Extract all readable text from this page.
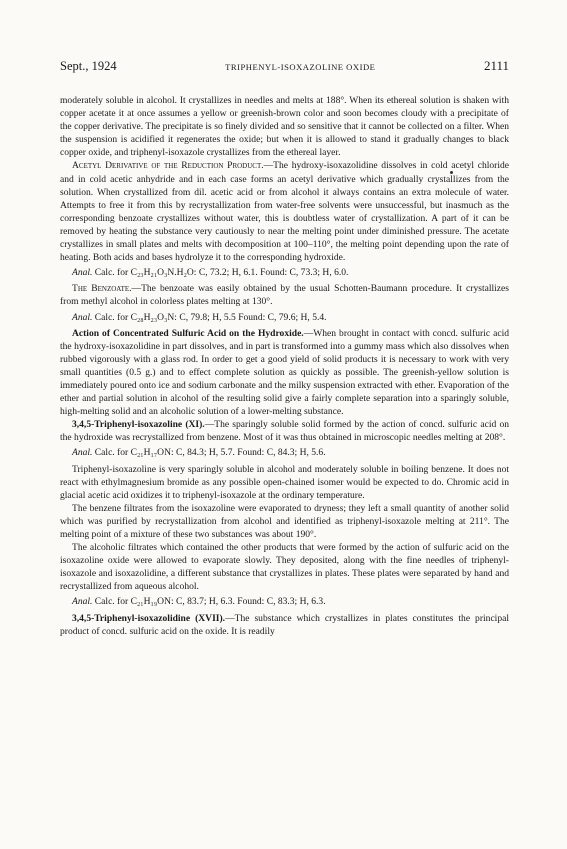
Sept., 1924	TRIPHENYL-ISOXAZOLINE OXIDE	2111

moderately soluble in alcohol. It crystallizes in needles and melts at 188°. When its ethereal solution is shaken with copper acetate it at once assumes a yellow or greenish-brown color and soon becomes cloudy with a precipitate of the copper derivative. The precipitate is so finely divided and so sensitive that it cannot be collected on a filter. When the suspension is acidified it regenerates the oxide; but when it is allowed to stand it gradually changes to black copper oxide, and triphenyl-isoxazole crystallizes from the ethereal layer.

Acetyl Derivative of the Reduction Product.—The hydroxy-isoxazolidine dissolves in cold acetyl chloride and in cold acetic anhydride and in each case forms an acetyl derivative which gradually crystallizes from the solution. When crystallized from dil. acetic acid or from alcohol it always contains an extra molecule of water. Attempts to free it from this by recrystallization from water-free solvents were unsuccessful, but inasmuch as the corresponding benzoate crystallizes without water, this is doubtless water of crystallization. A part of it can be removed by heating the substance very cautiously to near the melting point under diminished pressure. The acetate crystallizes in small plates and melts with decomposition at 100–110°, the melting point depending upon the rate of heating. Both acids and bases hydrolyze it to the corresponding hydroxide.

Anal. Calc. for C₂₃H₂₁O₃N.H₂O: C, 73.2; H, 6.1. Found: C, 73.3; H, 6.0.

The Benzoate.—The benzoate was easily obtained by the usual Schotten-Baumann procedure. It crystallizes from methyl alcohol in colorless plates melting at 130°.

Anal. Calc. for C₂₈H₂₃O₃N: C, 79.8; H, 5.5 Found: C, 79.6; H, 5.4.

Action of Concentrated Sulfuric Acid on the Hydroxide.—When brought in contact with concd. sulfuric acid the hydroxy-isoxazolidine in part dissolves, and in part is transformed into a gummy mass which also dissolves when rubbed vigorously with a glass rod. In order to get a good yield of solid products it is necessary to work with very small quantities (0.5 g.) and to effect complete solution as quickly as possible. The greenish-yellow solution is immediately poured onto ice and sodium carbonate and the milky suspension extracted with ether. Evaporation of the ether and partial solution in alcohol of the resulting solid give a fairly complete separation into a sparingly soluble, high-melting solid and an alcoholic solution of a lower-melting substance.

3,4,5-Triphenyl-isoxazoline (XI).—The sparingly soluble solid formed by the action of concd. sulfuric acid on the hydroxide was recrystallized from benzene. Most of it was thus obtained in microscopic needles melting at 208°.

Anal. Calc. for C₂₁H₁₇ON: C, 84.3; H, 5.7. Found: C, 84.3; H, 5.6.

Triphenyl-isoxazoline is very sparingly soluble in alcohol and moderately soluble in boiling benzene. It does not react with ethylmagnesium bromide as any possible open-chained isomer would be expected to do. Chromic acid in glacial acetic acid oxidizes it to triphenyl-isoxazole at the ordinary temperature.

The benzene filtrates from the isoxazoline were evaporated to dryness; they left a small quantity of another solid which was purified by recrystallization from alcohol and identified as triphenyl-isoxazole melting at 211°. The melting point of a mixture of these two substances was about 190°.

The alcoholic filtrates which contained the other products that were formed by the action of sulfuric acid on the isoxazoline oxide were allowed to evaporate slowly. They deposited, along with the fine needles of triphenyl-isoxazole and isoxazolidine, a different substance that crystallizes in plates. These plates were separated by hand and recrystallized from aqueous alcohol.

Anal. Calc. for C₂₁H₁₉ON: C, 83.7; H, 6.3. Found: C, 83.3; H, 6.3.

3,4,5-Triphenyl-isoxazolidine (XVII).—The substance which crystallizes in plates constitutes the principal product of concd. sulfuric acid on the oxide. It is readily
